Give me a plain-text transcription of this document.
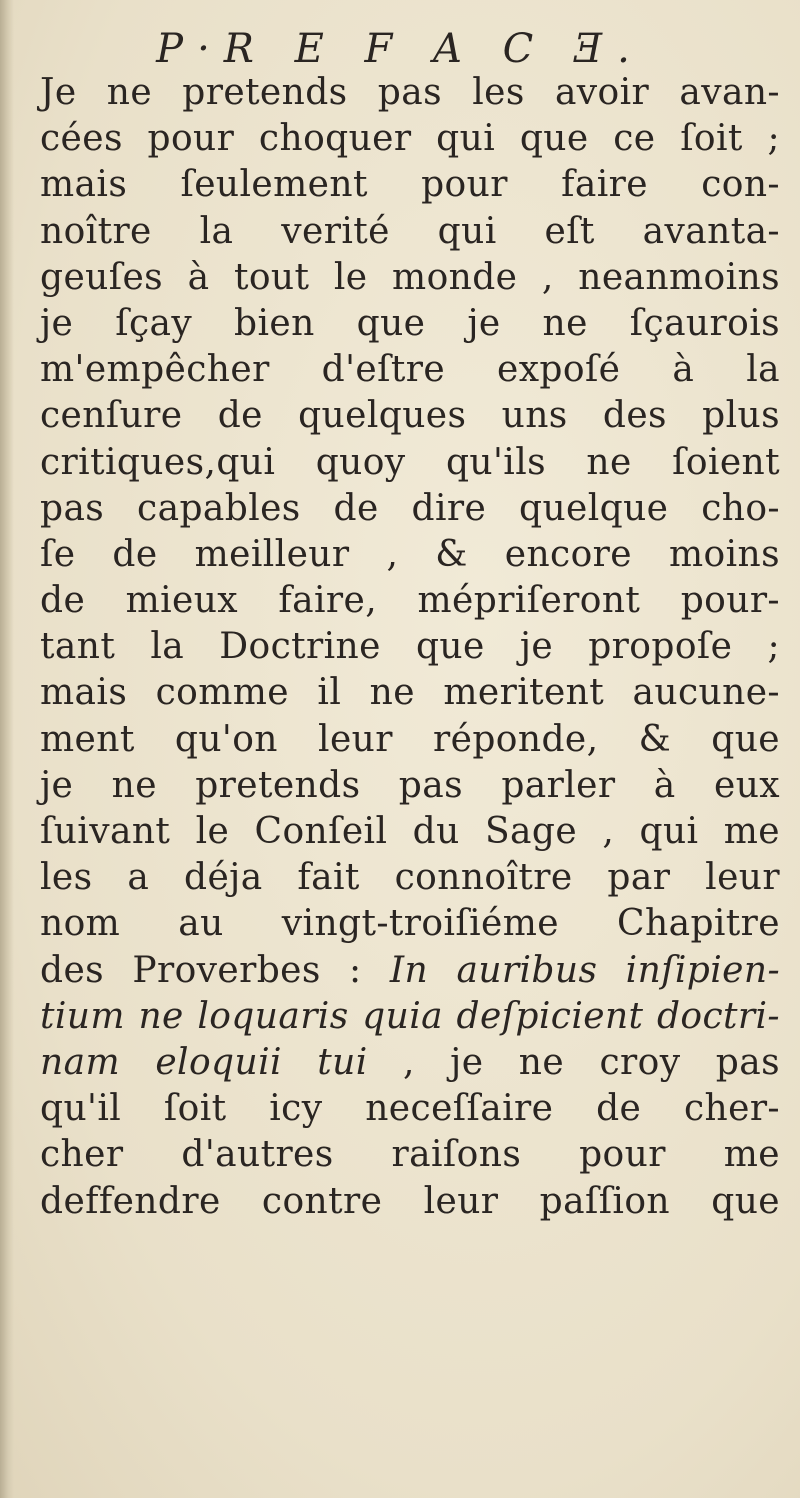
P·R E F A C Ǝ.
Je ne pretends pas les avoir avan-
cées pour choquer qui que ce ſoit ;
mais ſeulement pour faire con-
noître la verité qui eſt avanta-
geuſes à tout le monde , neanmoins
je ſçay bien que je ne ſçaurois
m'empêcher d'eſtre expoſé à la
cenſure de quelques uns des plus
critiques,qui quoy qu'ils ne ſoient
pas capables de dire quelque cho-
ſe de meilleur , & encore moins
de mieux faire, mépriſeront pour-
tant la Doctrine que je propoſe ;
mais comme il ne meritent aucune-
ment qu'on leur réponde, & que
je ne pretends pas parler à eux
ſuivant le Conſeil du Sage , qui me
les a déja fait connoître par leur
nom au vingt-troiſiéme Chapitre
des Proverbes : In auribus inſipien-
tium ne loquaris quia deſpicient doctri-
nam eloquii tui , je ne croy pas
qu'il ſoit icy neceſſaire de cher-
cher d'autres raiſons pour me
deffendre contre leur paſſion que
